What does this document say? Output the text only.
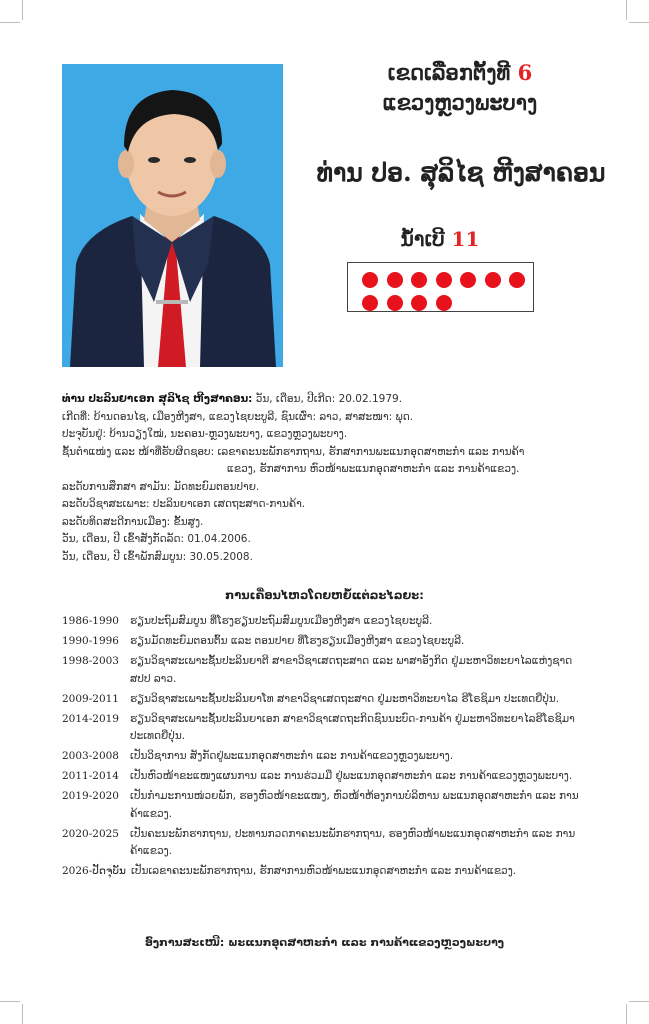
ເຂດເລືອກຕັ້ງທີ 6
ແຂວງຫຼວງພະບາງ
ທ່ານ ປອ. ສຸລິໄຊ ຫີງສາຄອນ
ນ້ຳເບີ 11
ທ່ານ ປະລິນຍາເອກ ສຸລິໄຊ ຫີງສາຄອນ: ວັນ, ເດືອນ, ປີເກີດ: 20.02.1979.
ເກີດທີ່: ບ້ານດອນໄຊ, ເມືອງຫີງສາ, ແຂວງໄຊຍະບູລີ, ຊົນເຜົ່າ: ລາວ, ສາສະໜາ: ພຸດ.
ປະຈຸບັນຢູ່: ບ້ານວຽງໃໝ່, ນະຄອນ-ຫຼວງພະບາງ, ແຂວງຫຼວງພະບາງ.
ຊັ້ນຕຳແໜ່ງ ແລະ ໜ້າທີ່ຮັບຜິດຊອບ: ເລຂາຄະນະພັກຮາກຖານ, ຮັກສາການພະແນກອຸດສາຫະກຳ ແລະ ການຄ້າ
ແຂວງ, ຮັກສາການ ຫົວໜ້າພະແນກອຸດສາຫະກຳ ແລະ ການຄ້າແຂວງ.
ລະດັບການສຶກສາ ສາມັນ: ມັດທະຍົມຕອນປາຍ.
ລະດັບວິຊາສະເພາະ: ປະລິນຍາເອກ ເສດຖະສາດ-ການຄ້າ.
ລະດັບທິດສະດີການເມືອງ: ຂັ້ນສູງ.
ວັນ, ເດືອນ, ປີ ເຂົ້າສັງກັດລັດ: 01.04.2006.
ວັນ, ເດືອນ, ປີ ເຂົ້າພັກສົມບູນ: 30.05.2008.
ການເຄື່ອນໄຫວໂດຍຫຍໍ້ແຕ່ລະໄລຍະ:
1986-1990	ຮຽນປະຖົມສົມບູນ ທີ່ໂຮງຮຽນປະຖົມສົມບູນເມືອງຫີງສາ ແຂວງໄຊຍະບູລີ.
1990-1996	ຮຽນມັດທະຍົມຕອນຕົ້ນ ແລະ ຕອນປາຍ ທີ່ໂຮງຮຽນເມືອງຫີງສາ ແຂວງໄຊຍະບູລີ.
1998-2003	ຮຽນວິຊາສະເພາະຊັ້ນປະລິນຍາຕີ ສາຂາວິຊາເສດຖະສາດ ແລະ ພາສາອັງກິດ ຢູ່ມະຫາວິທະຍາໄລແຫ່ງຊາດ ສປປ ລາວ.
2009-2011	ຮຽນວິຊາສະເພາະຊັ້ນປະລິນຍາໂທ ສາຂາວິຊາເສດຖະສາດ ຢູ່ມະຫາວິທະຍາໄລ ຮີໂຣຊິມາ ປະເທດຍີ່ປຸ່ນ.
2014-2019	ຮຽນວິຊາສະເພາະຊັ້ນປະລິນຍາເອກ ສາຂາວິຊາເສດຖະກິດຊົນນະບົດ-ການຄ້າ ຢູ່ມະຫາວິທະຍາໄລຮີໂຣຊິມາ ປະເທດຍີ່ປຸ່ນ.
2003-2008	ເປັນວິຊາການ ສັງກັດຢູ່ພະແນກອຸດສາຫະກຳ ແລະ ການຄ້າແຂວງຫຼວງພະບາງ.
2011-2014	ເປັນຫົວໜ້າຂະແໜງແຜນການ ແລະ ການຮ່ວມມື ຢູ່ພະແນກອຸດສາຫະກຳ ແລະ ການຄ້າແຂວງຫຼວງພະບາງ.
2019-2020	ເປັນກຳມະການໜ່ວຍພັກ, ຮອງຫົວໜ້າຂະແໜງ, ຫົວໜ້າຫ້ອງການບໍລິຫານ ພະແນກອຸດສາຫະກຳ ແລະ ການຄ້າແຂວງ.
2020-2025	ເປັນຄະນະພັກຮາກຖານ, ປະທານກວດກາຄະນະພັກຮາກຖານ, ຮອງຫົວໜ້າພະແນກອຸດສາຫະກຳ ແລະ ການຄ້າແຂວງ.
2026-ປັດຈຸບັນ ເປັນເລຂາຄະນະພັກຮາກຖານ, ຮັກສາການຫົວໜ້າພະແນກອຸດສາຫະກຳ ແລະ ການຄ້າແຂວງ.
ອົງການສະເໜີ: ພະແນກອຸດສາຫະກຳ ແລະ ການຄ້າແຂວງຫຼວງພະບາງ
